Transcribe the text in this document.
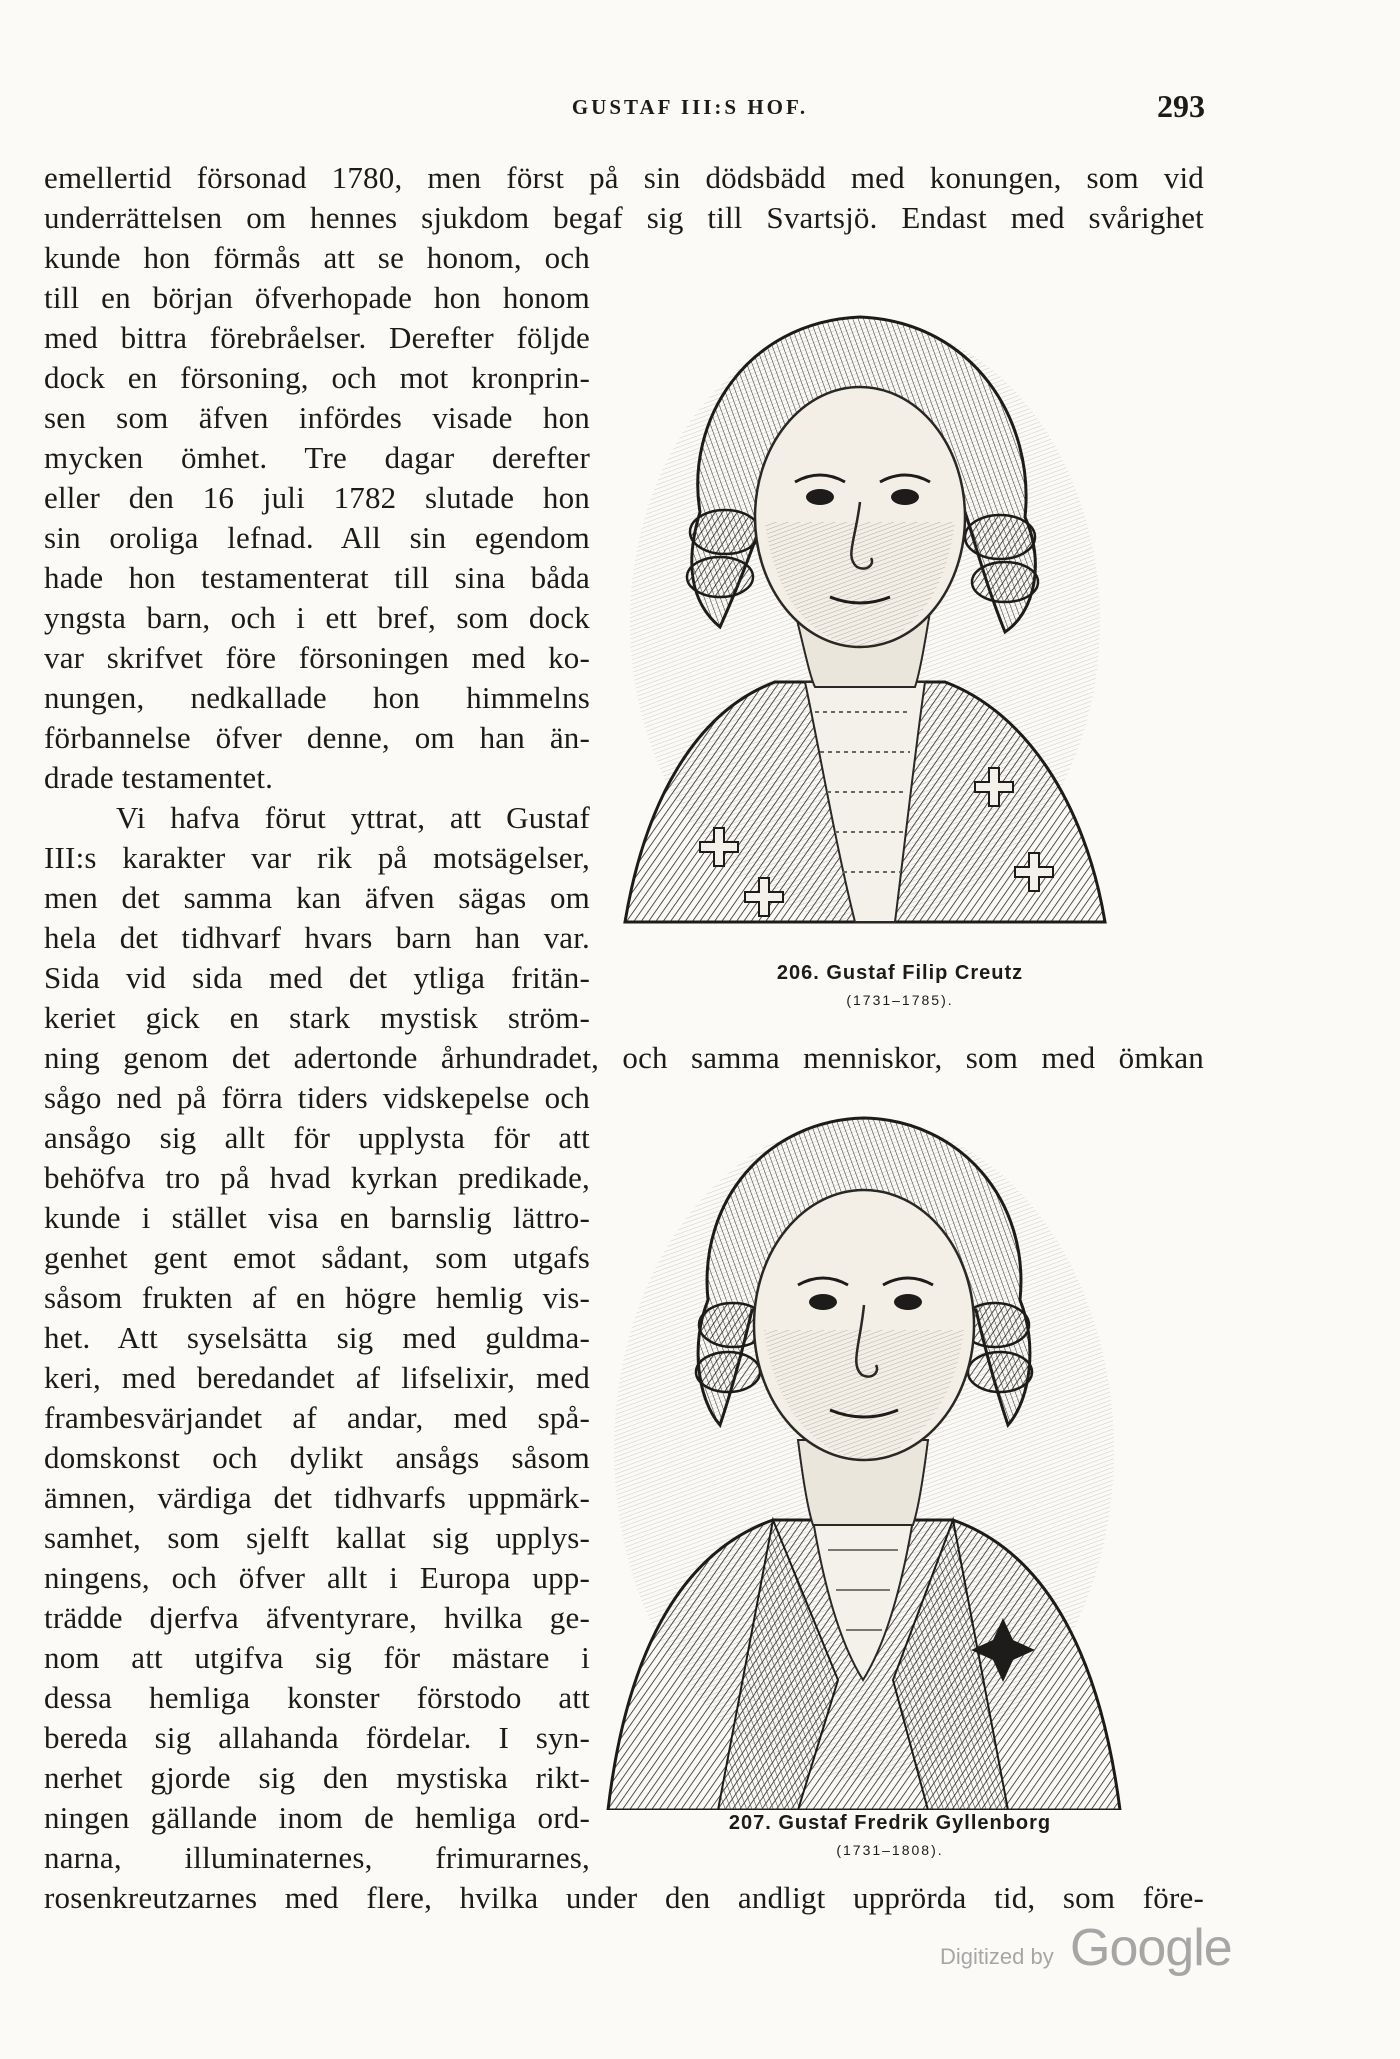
GUSTAF III:S HOF.	293

emellertid försonad 1780, men först på sin dödsbädd med konungen, som vid

underrättelsen om hennes sjukdom begaf sig till Svartsjö. Endast med svårighet

kunde hon förmås att se honom, och

till en början öfverhopade hon honom

med bittra förebråelser. Derefter följde

dock en försoning, och mot kronprin-

sen som äfven infördes visade hon

mycken ömhet. Tre dagar derefter

eller den 16 juli 1782 slutade hon

sin oroliga lefnad. All sin egendom

hade hon testamenterat till sina båda

yngsta barn, och i ett bref, som dock

var skrifvet före försoningen med ko-

nungen, nedkallade hon himmelns

förbannelse öfver denne, om han än-

drade testamentet.

Vi hafva förut yttrat, att Gustaf

III:s karakter var rik på motsägelser,

men det samma kan äfven sägas om

hela det tidhvarf hvars barn han var.

Sida vid sida med det ytliga fritän-

keriet gick en stark mystisk ström-

ning genom det adertonde århundradet, och samma menniskor, som med ömkan

sågo ned på förra tiders vidskepelse och

ansågo sig allt för upplysta för att

behöfva tro på hvad kyrkan predikade,

kunde i stället visa en barnslig lättro-

genhet gent emot sådant, som utgafs

såsom frukten af en högre hemlig vis-

het. Att syselsätta sig med guldma-

keri, med beredandet af lifselixir, med

frambesvärjandet af andar, med spå-

domskonst och dylikt ansågs såsom

ämnen, värdiga det tidhvarfs uppmärk-

samhet, som sjelft kallat sig upplys-

ningens, och öfver allt i Europa upp-

trädde djerfva äfventyrare, hvilka ge-

nom att utgifva sig för mästare i

dessa hemliga konster förstodo att

bereda sig allahanda fördelar. I syn-

nerhet gjorde sig den mystiska rikt-

ningen gällande inom de hemliga ord-

narna, illuminaternes, frimurarnes,

rosenkreutzarnes med flere, hvilka under den andligt upprörda tid, som före-

206. Gustaf Filip Creutz
(1731–1785).
207. Gustaf Fredrik Gyllenborg
(1731–1808).
Digitized by Google
